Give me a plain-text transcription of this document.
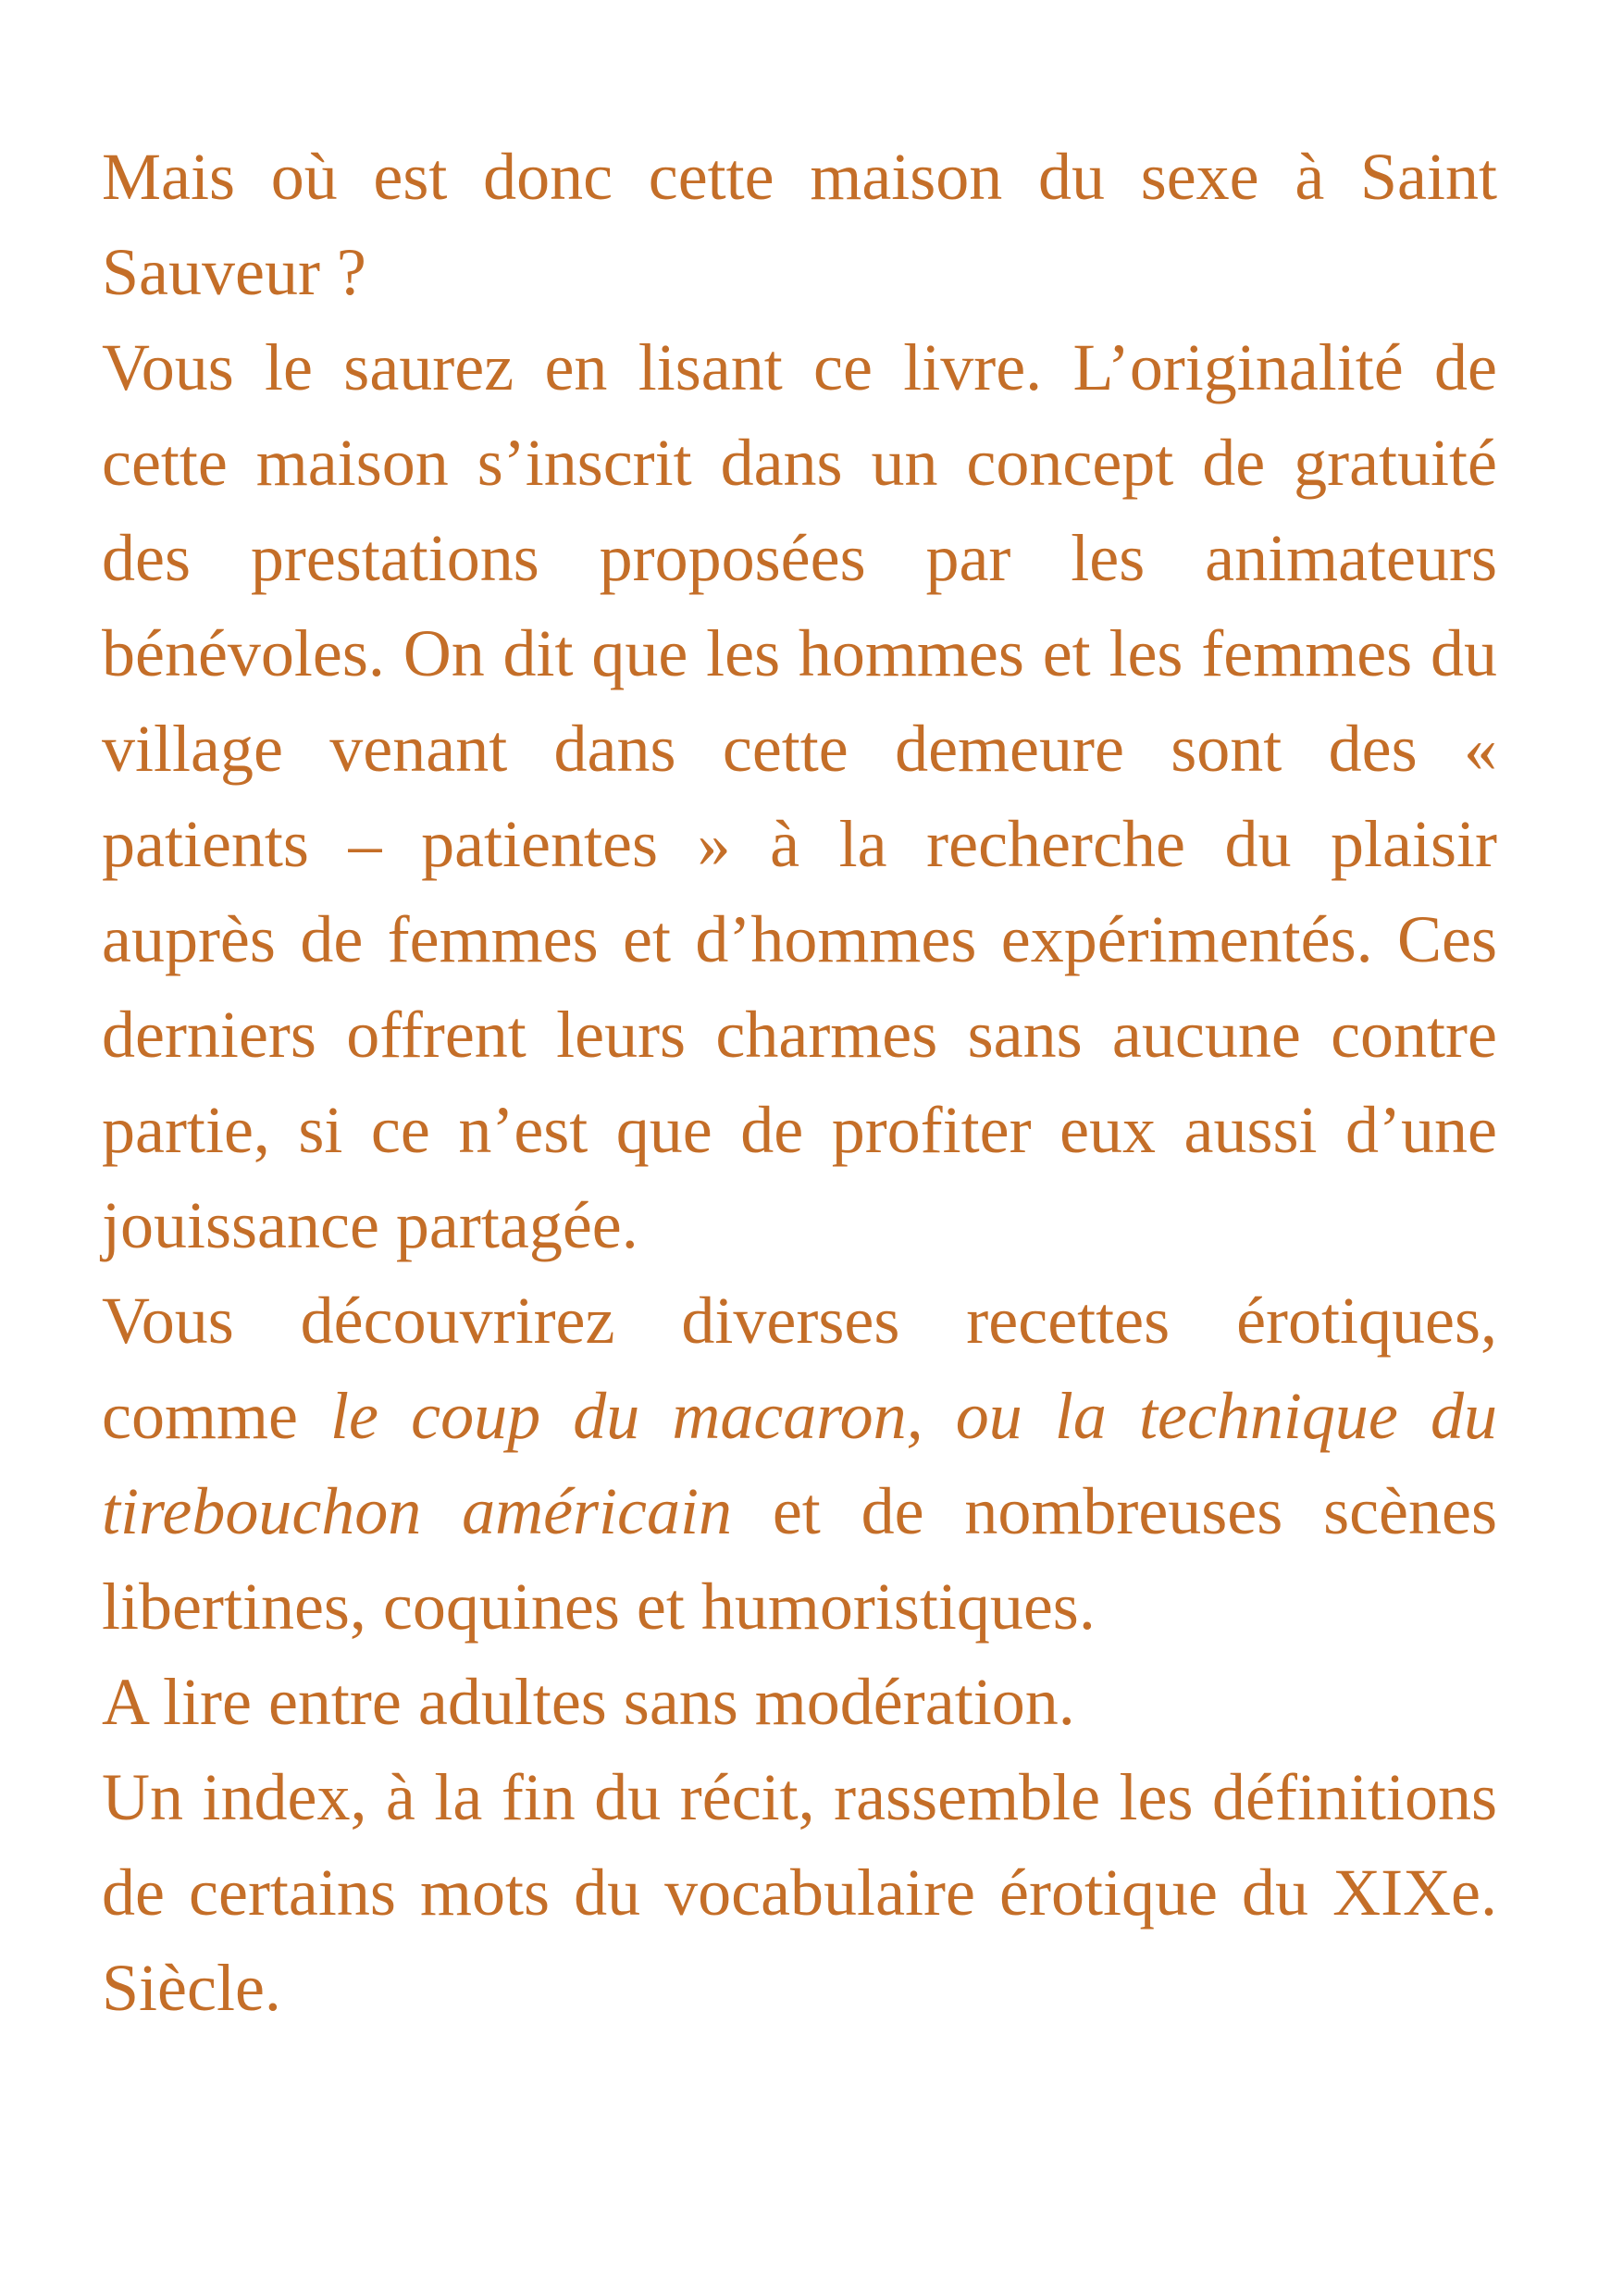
Mais où est donc cette maison du sexe à Saint Sauveur ?

Vous le saurez en lisant ce livre. L’originalité de cette maison s’inscrit dans un concept de gratuité des prestations proposées par les animateurs bénévoles. On dit que les hommes et les femmes du village venant dans cette demeure sont des « patients – patientes » à la recherche du plaisir auprès de femmes et d’hommes expérimentés. Ces derniers offrent leurs charmes sans aucune contre partie, si ce n’est que de profiter eux aussi d’une jouissance partagée.

Vous découvrirez diverses recettes érotiques, comme le coup du macaron, ou la technique du tirebouchon américain et de nombreuses scènes libertines, coquines et humoristiques.

A lire entre adultes sans modération.

Un index, à la fin du récit, rassemble les définitions de certains mots du vocabulaire érotique du XIXe. Siècle.
